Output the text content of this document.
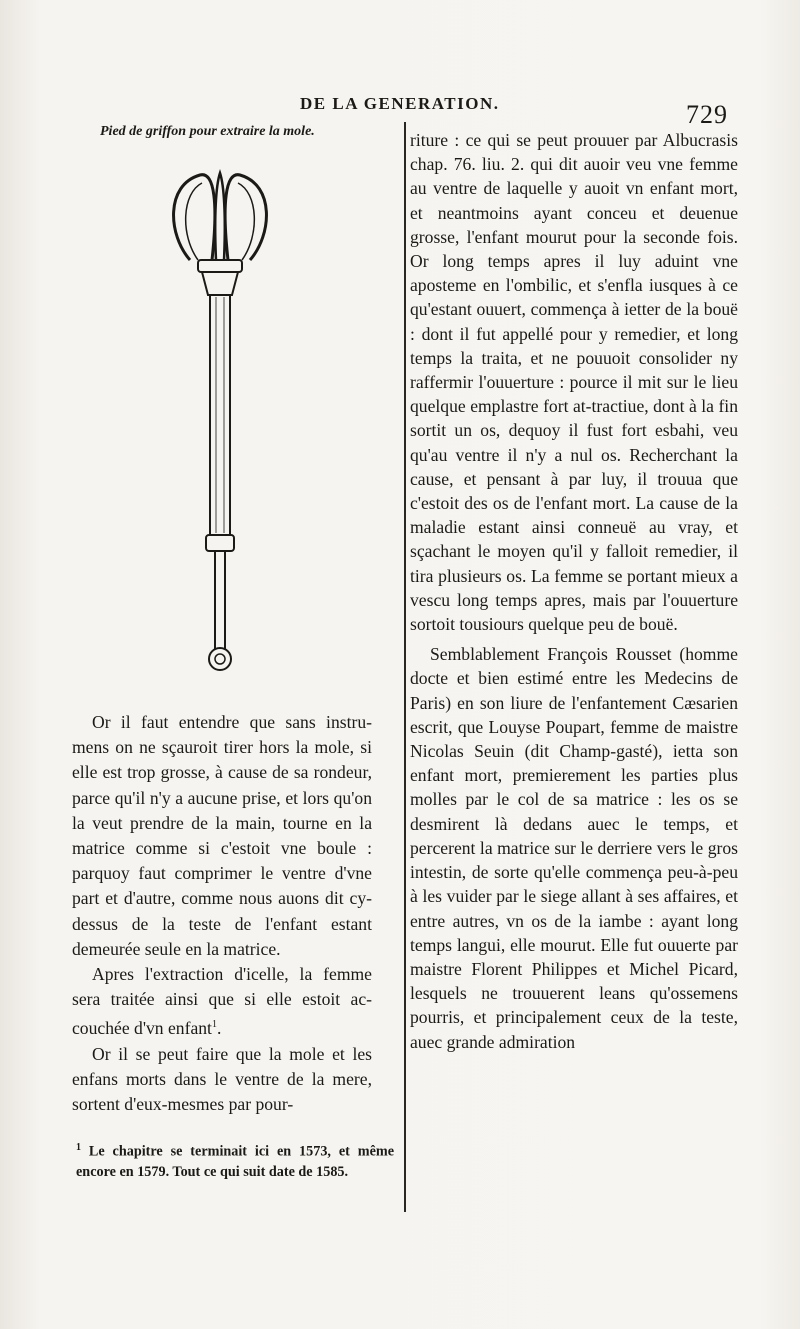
DE LA GENERATION.	729
Pied de griffon pour extraire la mole.

Or il faut entendre que sans instru-mens on ne sçauroit tirer hors la mole, si elle est trop grosse, à cause de sa rondeur, parce qu'il n'y a aucune prise, et lors qu'on la veut prendre de la main, tourne en la matrice comme si c'estoit vne boule : parquoy faut comprimer le ventre d'vne part et d'autre, comme nous auons dit cy-dessus de la teste de l'enfant estant demeurée seule en la matrice.

Apres l'extraction d'icelle, la femme sera traitée ainsi que si elle estoit ac-couchée d'vn enfant$^1$.

Or il se peut faire que la mole et les enfans morts dans le ventre de la mere, sortent d'eux-mesmes par pour-

$^1$ Le chapitre se terminait ici en 1573, et même encore en 1579. Tout ce qui suit date de 1585.

riture : ce qui se peut prouuer par Albucrasis chap. 76. liu. 2. qui dit auoir veu vne femme au ventre de laquelle y auoit vn enfant mort, et neantmoins ayant conceu et deuenue grosse, l'enfant mourut pour la seconde fois. Or long temps apres il luy aduint vne aposteme en l'ombilic, et s'enfla iusques à ce qu'estant ouuert, commença à ietter de la bouë : dont il fut appellé pour y remedier, et long temps la traita, et ne pouuoit consolider ny raffermir l'ouuerture : pource il mit sur le lieu quelque emplastre fort at-tractiue, dont à la fin sortit un os, dequoy il fust fort esbahi, veu qu'au ventre il n'y a nul os. Recherchant la cause, et pensant à par luy, il trouua que c'estoit des os de l'enfant mort. La cause de la maladie estant ainsi conneuë au vray, et sçachant le moyen qu'il y falloit remedier, il tira plusieurs os. La femme se portant mieux a vescu long temps apres, mais par l'ouuerture sortoit tousiours quelque peu de bouë.

Semblablement François Rousset (homme docte et bien estimé entre les Medecins de Paris) en son liure de l'enfantement Cæsarien escrit, que Louyse Poupart, femme de maistre Nicolas Seuin (dit Champ-gasté), ietta son enfant mort, premierement les parties plus molles par le col de sa matrice : les os se desmirent là dedans auec le temps, et percerent la matrice sur le derriere vers le gros intestin, de sorte qu'elle commença peu-à-peu à les vuider par le siege allant à ses affaires, et entre autres, vn os de la iambe : ayant long temps langui, elle mourut. Elle fut ouuerte par maistre Florent Philippes et Michel Picard, lesquels ne trouuerent leans qu'ossemens pourris, et principalement ceux de la teste, auec grande admiration
